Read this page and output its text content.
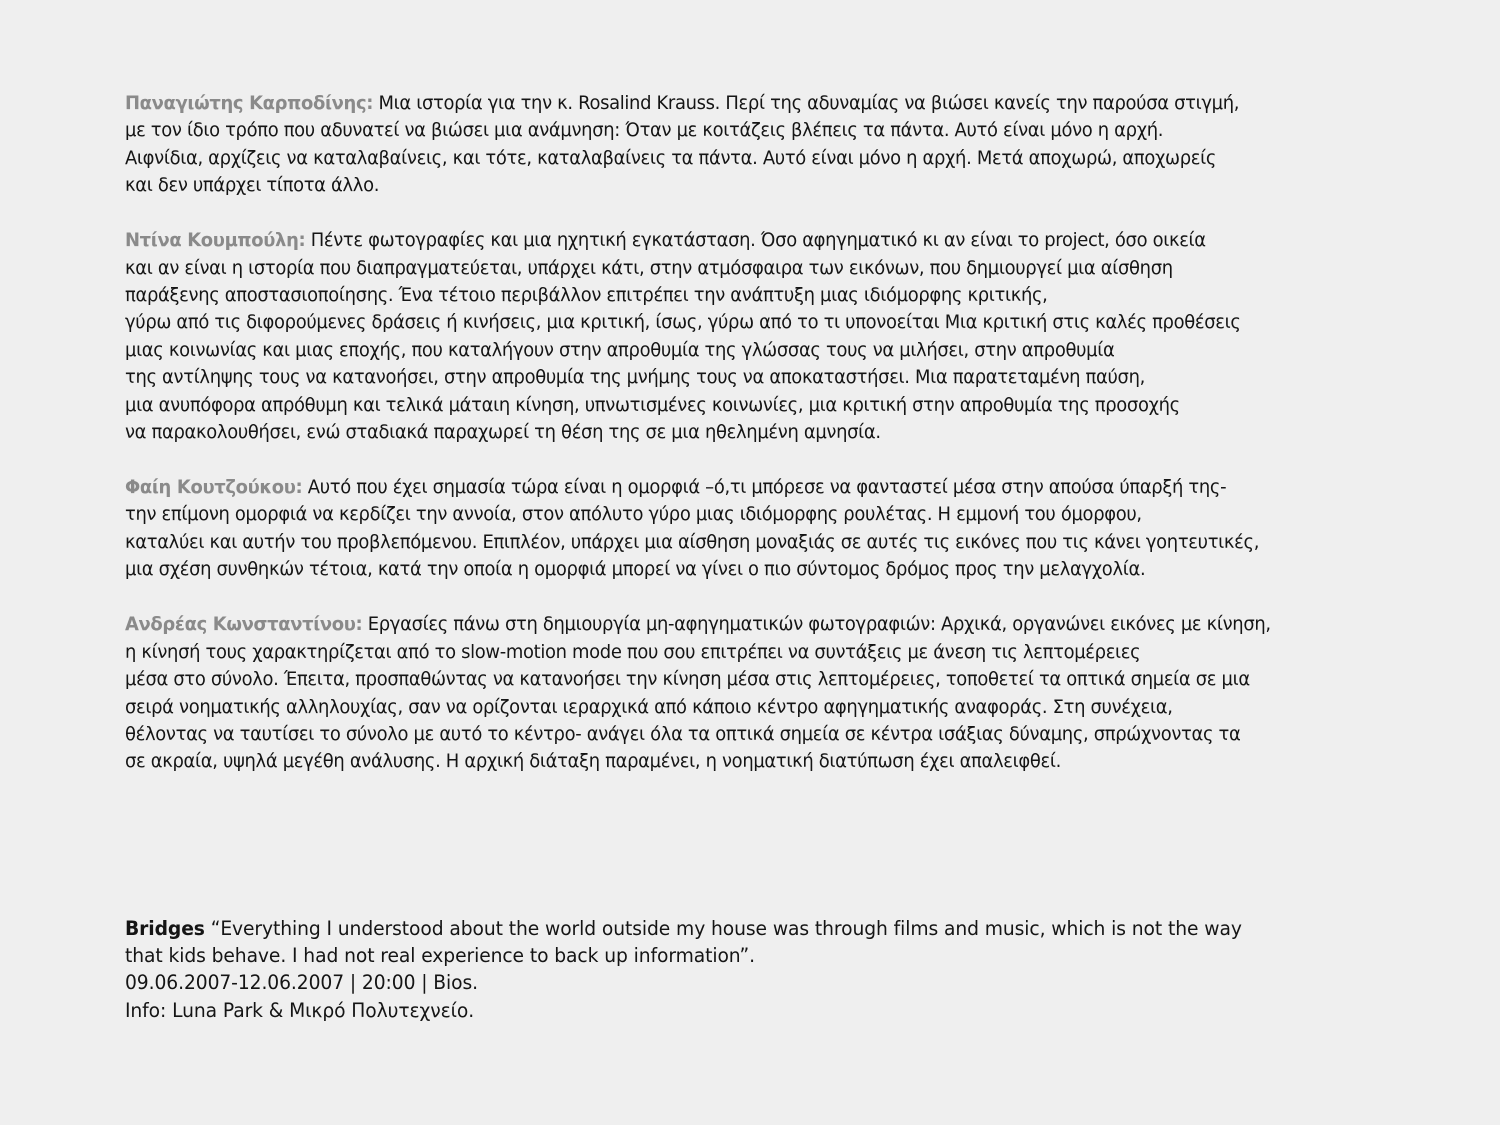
Παναγιώτης Καρποδίνης: Μια ιστορία για την κ. Rosalind Krauss. Περί της αδυναμίας να βιώσει κανείς την παρούσα στιγμή,
με τον ίδιο τρόπο που αδυνατεί να βιώσει μια ανάμνηση: Όταν με κοιτάζεις βλέπεις τα πάντα. Αυτό είναι μόνο η αρχή.
Αιφνίδια, αρχίζεις να καταλαβαίνεις, και τότε, καταλαβαίνεις τα πάντα. Αυτό είναι μόνο η αρχή. Μετά αποχωρώ, αποχωρείς
και δεν υπάρχει τίποτα άλλο.
Ντίνα Κουμπούλη: Πέντε φωτογραφίες και μια ηχητική εγκατάσταση. Όσο αφηγηματικό κι αν είναι το project, όσο οικεία
και αν είναι η ιστορία που διαπραγματεύεται, υπάρχει κάτι, στην ατμόσφαιρα των εικόνων, που δημιουργεί μια αίσθηση
παράξενης αποστασιοποίησης. Ένα τέτοιο περιβάλλον επιτρέπει την ανάπτυξη μιας ιδιόμορφης κριτικής,
γύρω από τις διφορούμενες δράσεις ή κινήσεις, μια κριτική, ίσως, γύρω από το τι υπονοείται Μια κριτική στις καλές προθέσεις
μιας κοινωνίας και μιας εποχής, που καταλήγουν στην απροθυμία της γλώσσας τους να μιλήσει, στην απροθυμία
της αντίληψης τους να κατανοήσει, στην απροθυμία της μνήμης τους να αποκαταστήσει. Μια παρατεταμένη παύση,
μια ανυπόφορα απρόθυμη και τελικά μάταιη κίνηση, υπνωτισμένες κοινωνίες, μια κριτική στην απροθυμία της προσοχής
να παρακολουθήσει, ενώ σταδιακά παραχωρεί τη θέση της σε μια ηθελημένη αμνησία.
Φαίη Κουτζούκου: Αυτό που έχει σημασία τώρα είναι η ομορφιά –ό,τι μπόρεσε να φανταστεί μέσα στην απούσα ύπαρξή της-
την επίμονη ομορφιά να κερδίζει την αννοία, στον απόλυτο γύρο μιας ιδιόμορφης ρουλέτας. Η εμμονή του όμορφου,
καταλύει και αυτήν του προβλεπόμενου. Επιπλέον, υπάρχει μια αίσθηση μοναξιάς σε αυτές τις εικόνες που τις κάνει γοητευτικές,
μια σχέση συνθηκών τέτοια, κατά την οποία η ομορφιά μπορεί να γίνει ο πιο σύντομος δρόμος προς την μελαγχολία.
Ανδρέας Κωνσταντίνου: Εργασίες πάνω στη δημιουργία μη-αφηγηματικών φωτογραφιών: Αρχικά, οργανώνει εικόνες με κίνηση,
η κίνησή τους χαρακτηρίζεται από το slow-motion mode που σου επιτρέπει να συντάξεις με άνεση τις λεπτομέρειες
μέσα στο σύνολο. Έπειτα, προσπαθώντας να κατανοήσει την κίνηση μέσα στις λεπτομέρειες, τοποθετεί τα οπτικά σημεία σε μια
σειρά νοηματικής αλληλουχίας, σαν να ορίζονται ιεραρχικά από κάποιο κέντρο αφηγηματικής αναφοράς. Στη συνέχεια,
θέλοντας να ταυτίσει το σύνολο με αυτό το κέντρο- ανάγει όλα τα οπτικά σημεία σε κέντρα ισάξιας δύναμης, σπρώχνοντας τα
σε ακραία, υψηλά μεγέθη ανάλυσης. Η αρχική διάταξη παραμένει, η νοηματική διατύπωση έχει απαλειφθεί.
Bridges “Everything I understood about the world outside my house was through films and music, which is not the way
that kids behave. I had not real experience to back up information”.
09.06.2007-12.06.2007 | 20:00 | Bios.
Info: Luna Park & Μικρό Πολυτεχνείο.
